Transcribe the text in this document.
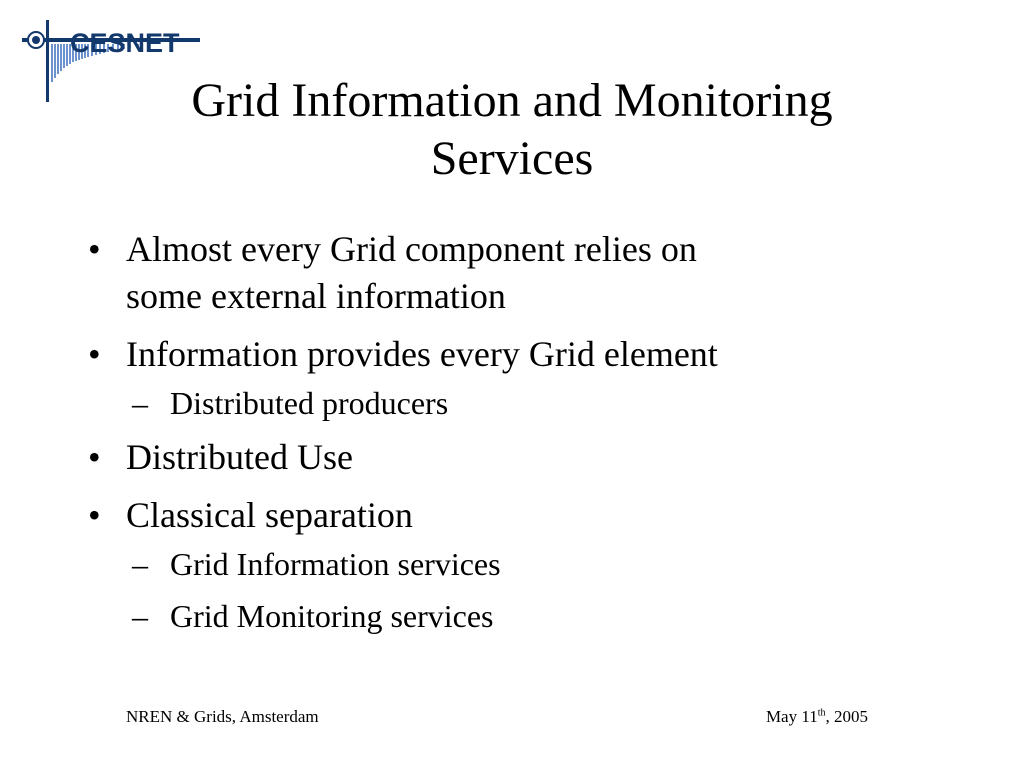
CESNET
Grid Information and Monitoring
Services
• Almost every Grid component relies on
some external information
• Information provides every Grid element
– Distributed producers
• Distributed Use
• Classical separation
– Grid Information services
– Grid Monitoring services
NREN & Grids, Amsterdam	May 11th, 2005
